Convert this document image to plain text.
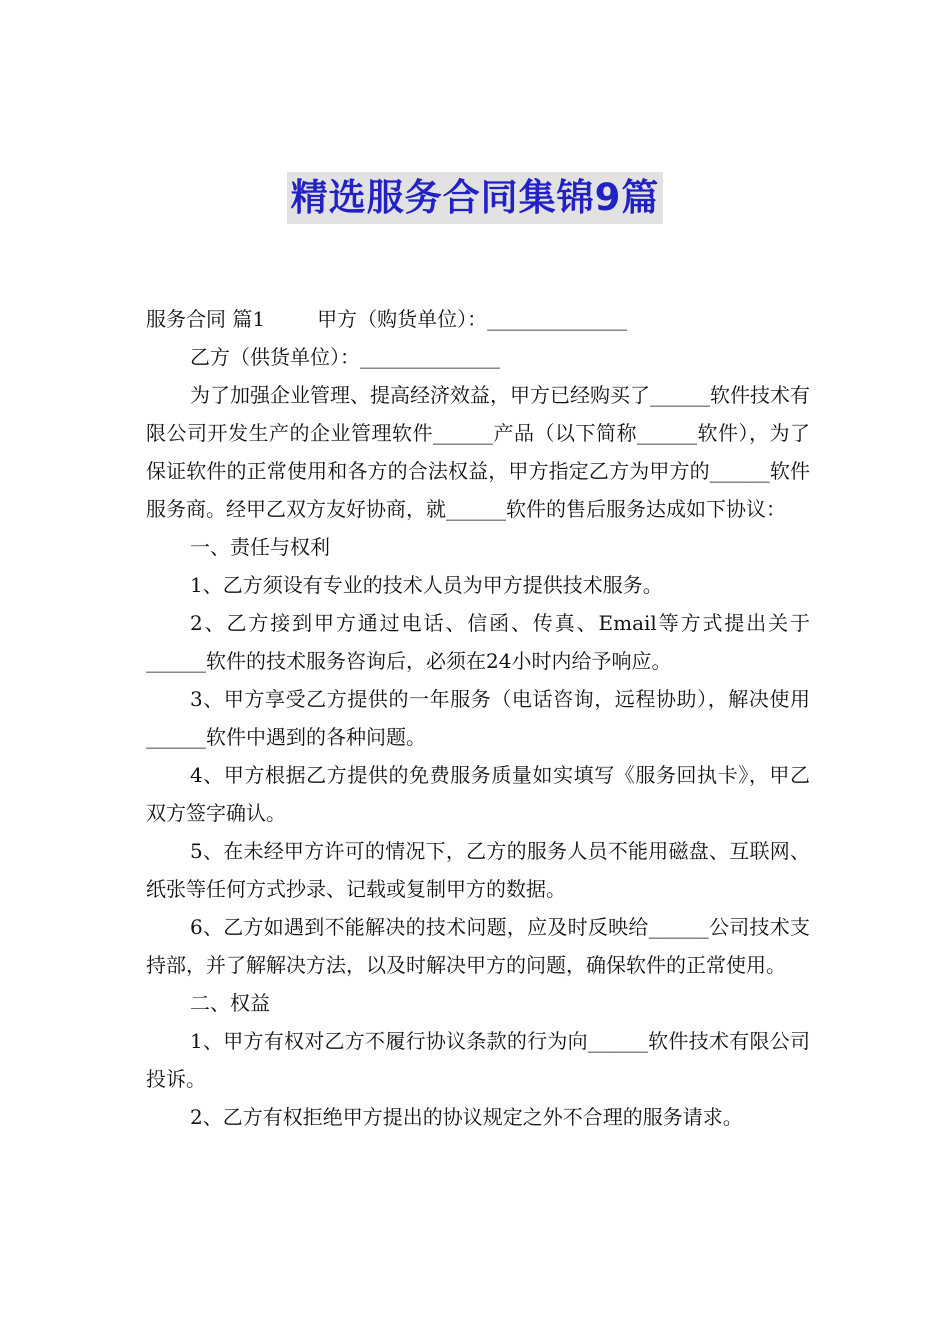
精选服务合同集锦9篇

服务合同 篇1	甲方（购货单位）：______________

乙方（供货单位）：______________

为了加强企业管理、提高经济效益，甲方已经购买了______软件技术有限公司开发生产的企业管理软件______产品（以下简称______软件），为了保证软件的正常使用和各方的合法权益，甲方指定乙方为甲方的______软件服务商。经甲乙双方友好协商，就______软件的售后服务达成如下协议：

一、责任与权利

1、乙方须设有专业的技术人员为甲方提供技术服务。

2、乙方接到甲方通过电话、信函、传真、Email等方式提出关于______软件的技术服务咨询后，必须在24小时内给予响应。

3、甲方享受乙方提供的一年服务（电话咨询，远程协助），解决使用______软件中遇到的各种问题。

4、甲方根据乙方提供的免费服务质量如实填写《服务回执卡》，甲乙双方签字确认。

5、在未经甲方许可的情况下，乙方的服务人员不能用磁盘、互联网、纸张等任何方式抄录、记载或复制甲方的数据。

6、乙方如遇到不能解决的技术问题，应及时反映给______公司技术支持部，并了解解决方法，以及时解决甲方的问题，确保软件的正常使用。

二、权益

1、甲方有权对乙方不履行协议条款的行为向______软件技术有限公司投诉。

2、乙方有权拒绝甲方提出的协议规定之外不合理的服务请求。
